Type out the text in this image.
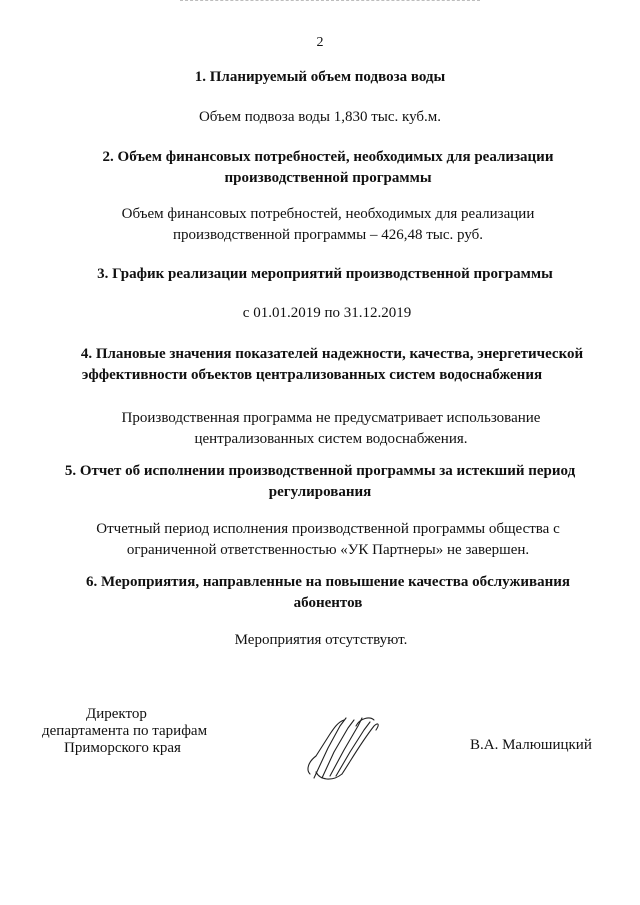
2
1. Планируемый объем подвоза воды
Объем подвоза воды 1,830 тыс. куб.м.
2. Объем финансовых потребностей, необходимых для реализации
производственной программы
Объем финансовых потребностей, необходимых для реализации
производственной программы – 426,48 тыс. руб.
3. График реализации мероприятий производственной программы
с 01.01.2019 по 31.12.2019
4. Плановые значения показателей надежности, качества, энергетической
эффективности объектов централизованных систем водоснабжения
Производственная программа не предусматривает использование
централизованных систем водоснабжения.
5. Отчет об исполнении производственной программы за истекший период
регулирования
Отчетный период исполнения производственной программы общества с
ограниченной ответственностью «УК Партнеры» не завершен.
6. Мероприятия, направленные на повышение качества обслуживания
абонентов
Мероприятия отсутствуют.
Директор
департамента по тарифам
Приморского края	В.А. Малюшицкий
